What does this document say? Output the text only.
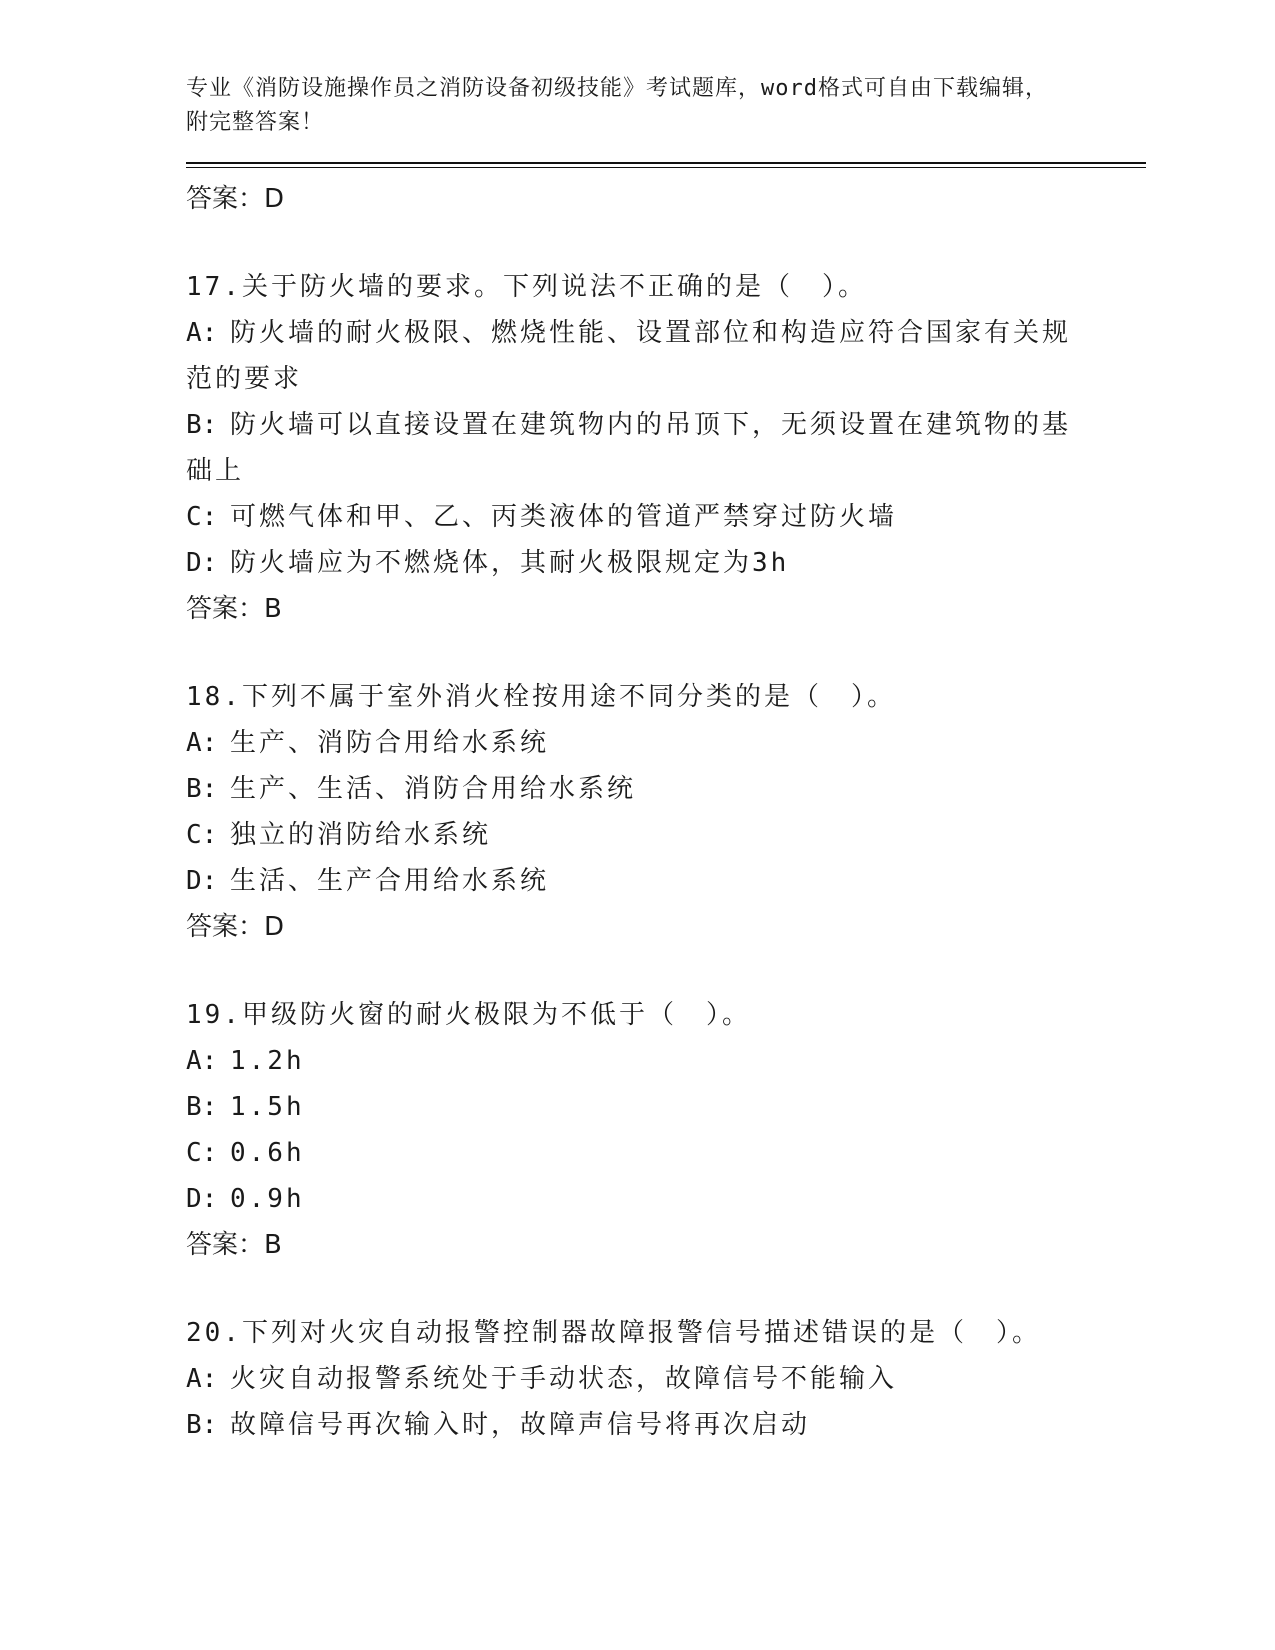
专业《消防设施操作员之消防设备初级技能》考试题库，word格式可自由下载编辑，附完整答案！

答案：D

17.关于防火墙的要求。下列说法不正确的是（　）。

A: 防火墙的耐火极限、燃烧性能、设置部位和构造应符合国家有关规范的要求

B: 防火墙可以直接设置在建筑物内的吊顶下，无须设置在建筑物的基础上

C: 可燃气体和甲、乙、丙类液体的管道严禁穿过防火墙

D: 防火墙应为不燃烧体，其耐火极限规定为3h

答案：B

18.下列不属于室外消火栓按用途不同分类的是（　）。

A: 生产、消防合用给水系统

B: 生产、生活、消防合用给水系统

C: 独立的消防给水系统

D: 生活、生产合用给水系统

答案：D

19.甲级防火窗的耐火极限为不低于（　）。

A: 1.2h

B: 1.5h

C: 0.6h

D: 0.9h

答案：B

20.下列对火灾自动报警控制器故障报警信号描述错误的是（　）。

A: 火灾自动报警系统处于手动状态，故障信号不能输入

B: 故障信号再次输入时，故障声信号将再次启动
